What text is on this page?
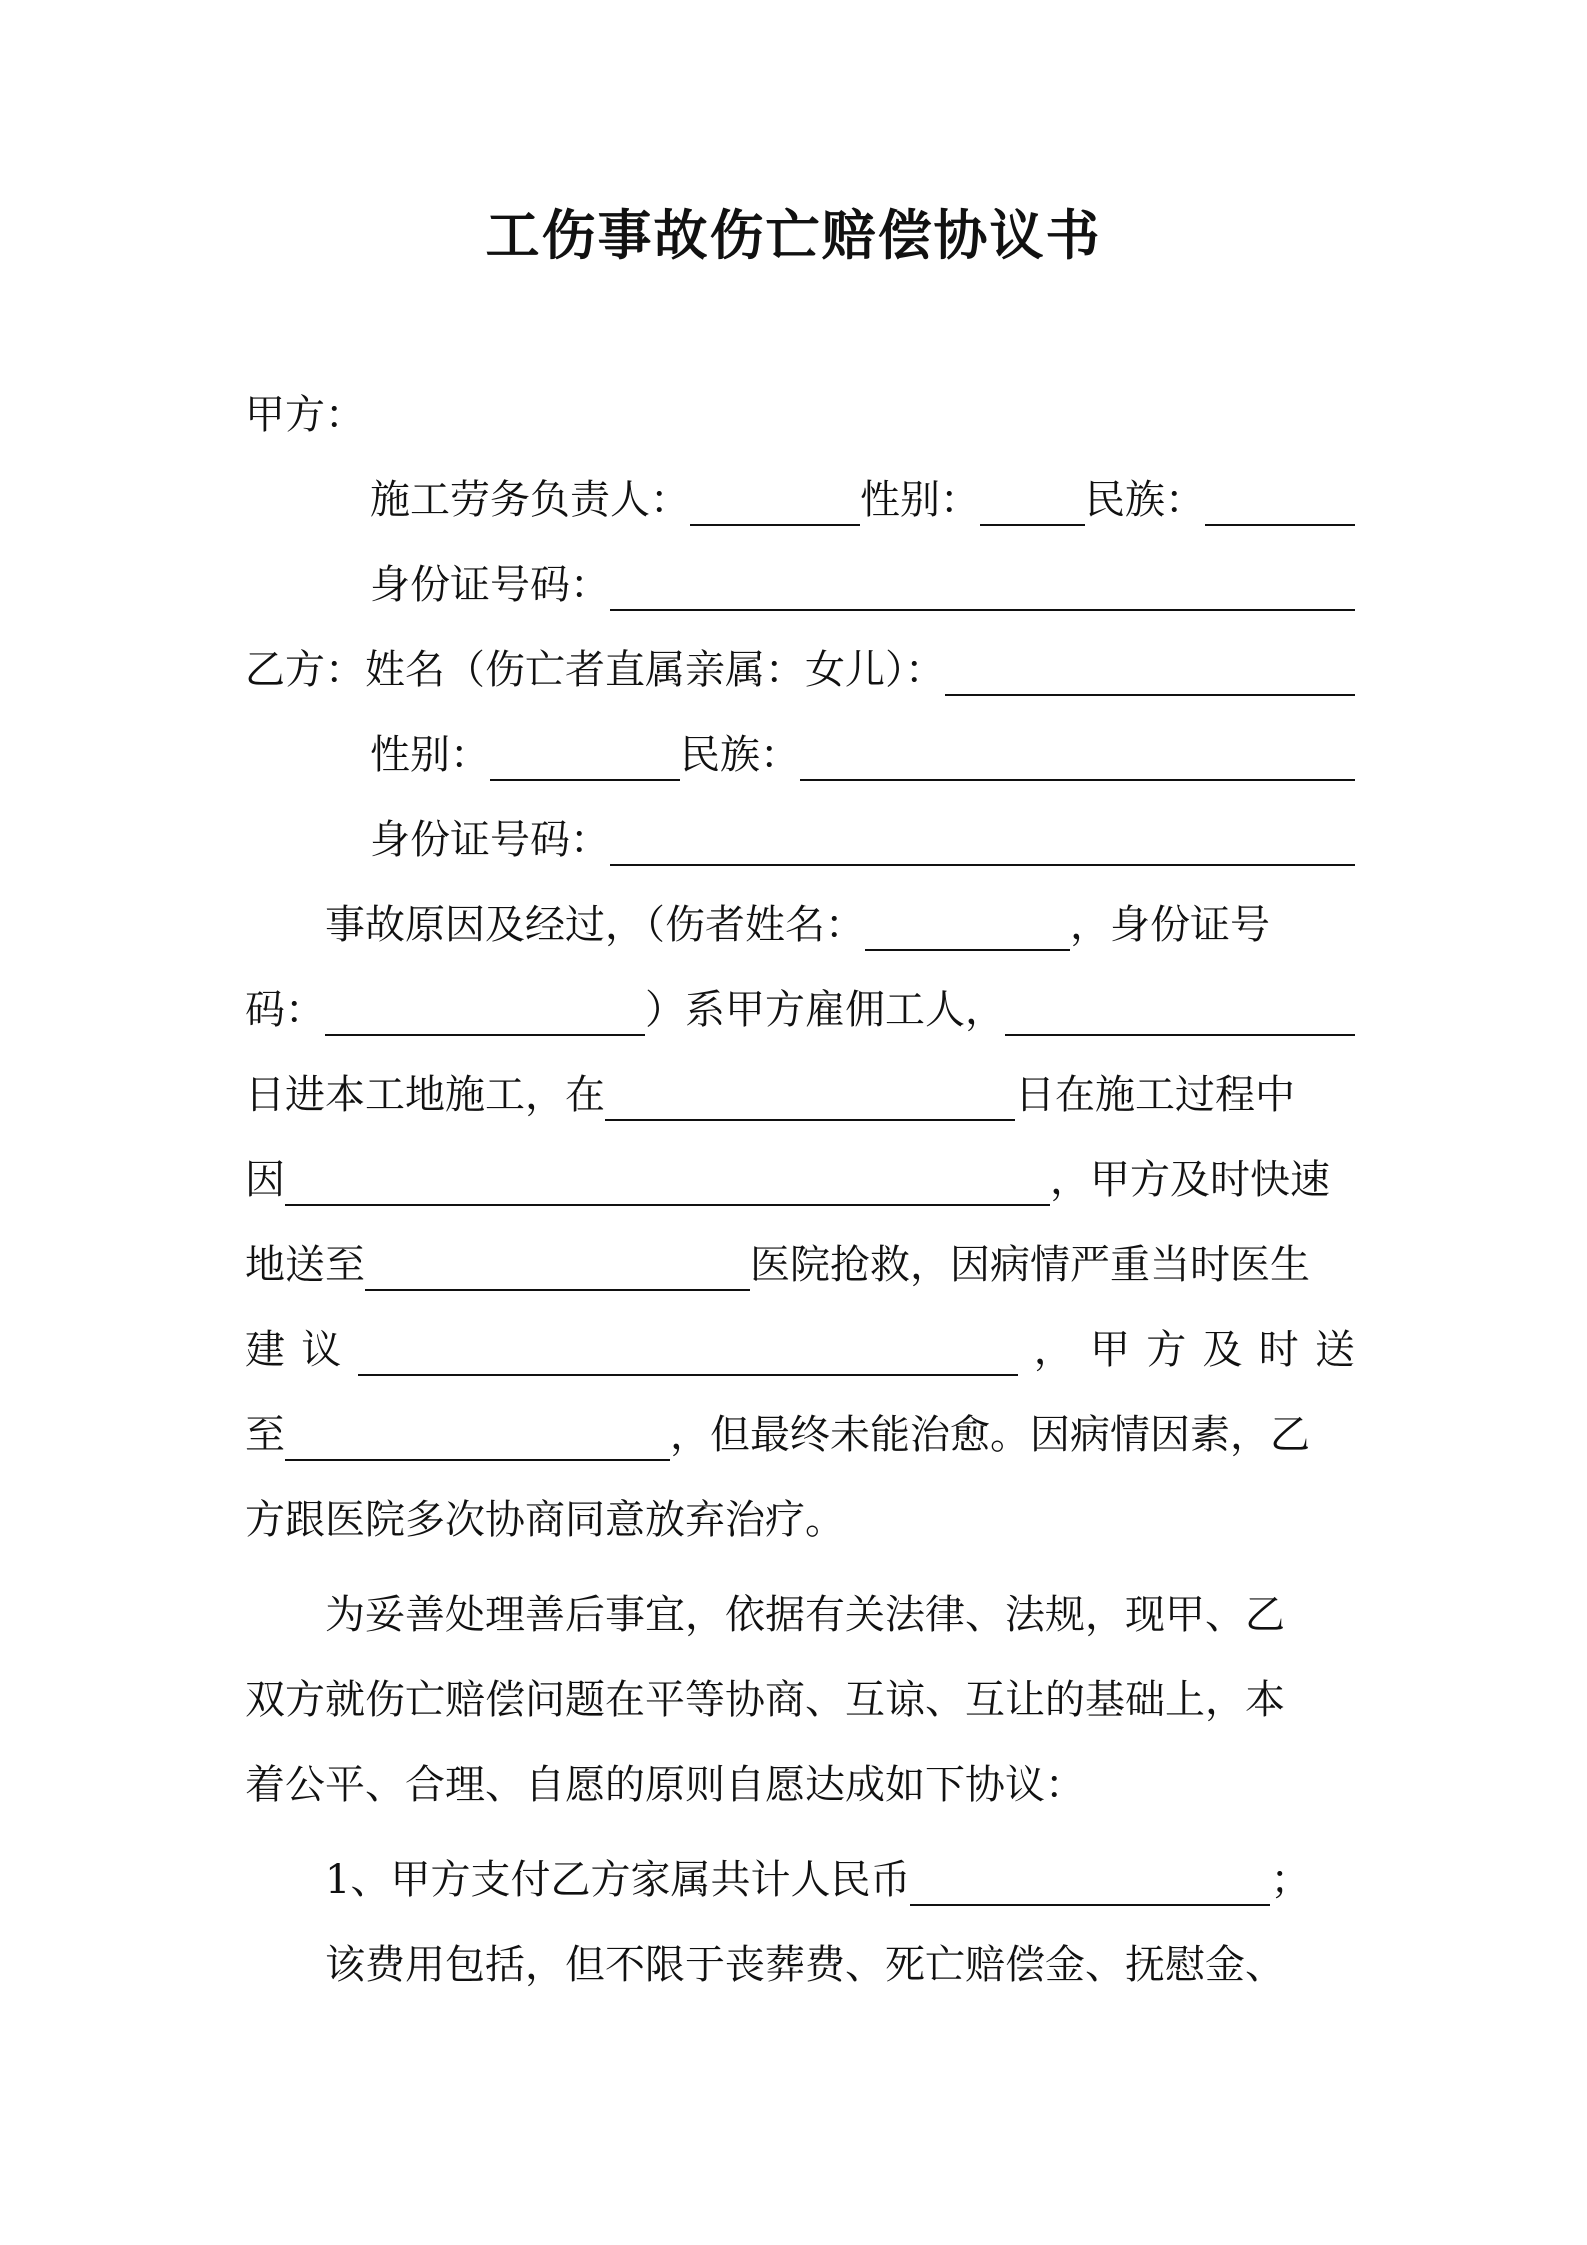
工伤事故伤亡赔偿协议书
甲方：
施工劳务负责人：	性别：	民族：
身份证号码：
乙方： 姓名（伤亡者直属亲属：女儿）：
性别：	民族：
身份证号码：
事故原因及经过，（伤者姓名：	，身份证号
码：	）系甲方雇佣工人，
日进本工地施工，在	日在施工过程中
因	，甲方及时快速
地送至	医院抢救，因病情严重当时医生
建 议	， 甲 方 及 时 送
至	，但最终未能治愈。因病情因素，乙
方跟医院多次协商同意放弃治疗。
为妥善处理善后事宜，依据有关法律、法规，现甲、乙
双方就伤亡赔偿问题在平等协商、互谅、互让的基础上，本
着公平、合理、自愿的原则自愿达成如下协议：
1、甲方支付乙方家属共计人民币	；
该费用包括，但不限于丧葬费、死亡赔偿金、抚慰金、
